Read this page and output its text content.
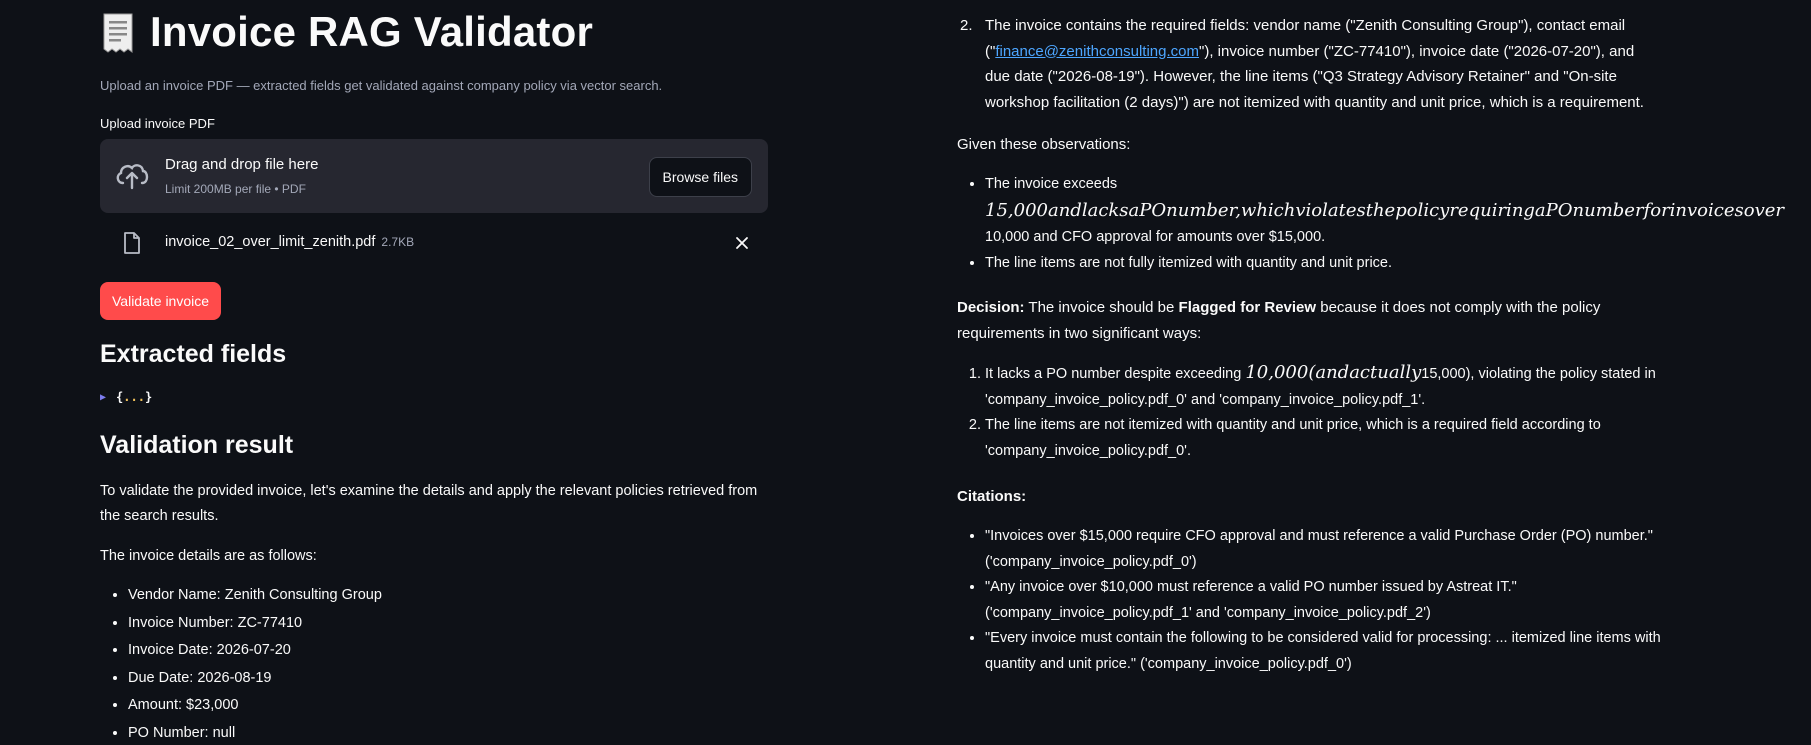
Invoice RAG Validator
Upload an invoice PDF — extracted fields get validated against company policy via vector search.
Upload invoice PDF
Drag and drop file here
Limit 200MB per file • PDF
Browse files
invoice_02_over_limit_zenith.pdf 2.7KB
Validate invoice
Extracted fields
▶ {...}
Validation result
To validate the provided invoice, let's examine the details and apply the relevant policies retrieved from the search results.
The invoice details are as follows:
• Vendor Name: Zenith Consulting Group
• Invoice Number: ZC-77410
• Invoice Date: 2026-07-20
• Due Date: 2026-08-19
• Amount: $23,000
• PO Number: null
2. The invoice contains the required fields: vendor name ("Zenith Consulting Group"), contact email ("finance@zenithconsulting.com"), invoice number ("ZC-77410"), invoice date ("2026-07-20"), and due date ("2026-08-19"). However, the line items ("Q3 Strategy Advisory Retainer" and "On-site workshop facilitation (2 days)") are not itemized with quantity and unit price, which is a requirement.
Given these observations:
• The invoice exceeds
15,000andlacksaPOnumber,whichviolatesthepolicyrequiringaPOnumberforinvoicesover
10,000 and CFO approval for amounts over $15,000.
• The line items are not fully itemized with quantity and unit price.
Decision: The invoice should be Flagged for Review because it does not comply with the policy requirements in two significant ways:
1. It lacks a PO number despite exceeding 10,000(andactually15,000), violating the policy stated in 'company_invoice_policy.pdf_0' and 'company_invoice_policy.pdf_1'.
2. The line items are not itemized with quantity and unit price, which is a required field according to 'company_invoice_policy.pdf_0'.
Citations:
• "Invoices over $15,000 require CFO approval and must reference a valid Purchase Order (PO) number." ('company_invoice_policy.pdf_0')
• "Any invoice over $10,000 must reference a valid PO number issued by Astreat IT." ('company_invoice_policy.pdf_1' and 'company_invoice_policy.pdf_2')
• "Every invoice must contain the following to be considered valid for processing: ... itemized line items with quantity and unit price." ('company_invoice_policy.pdf_0')
